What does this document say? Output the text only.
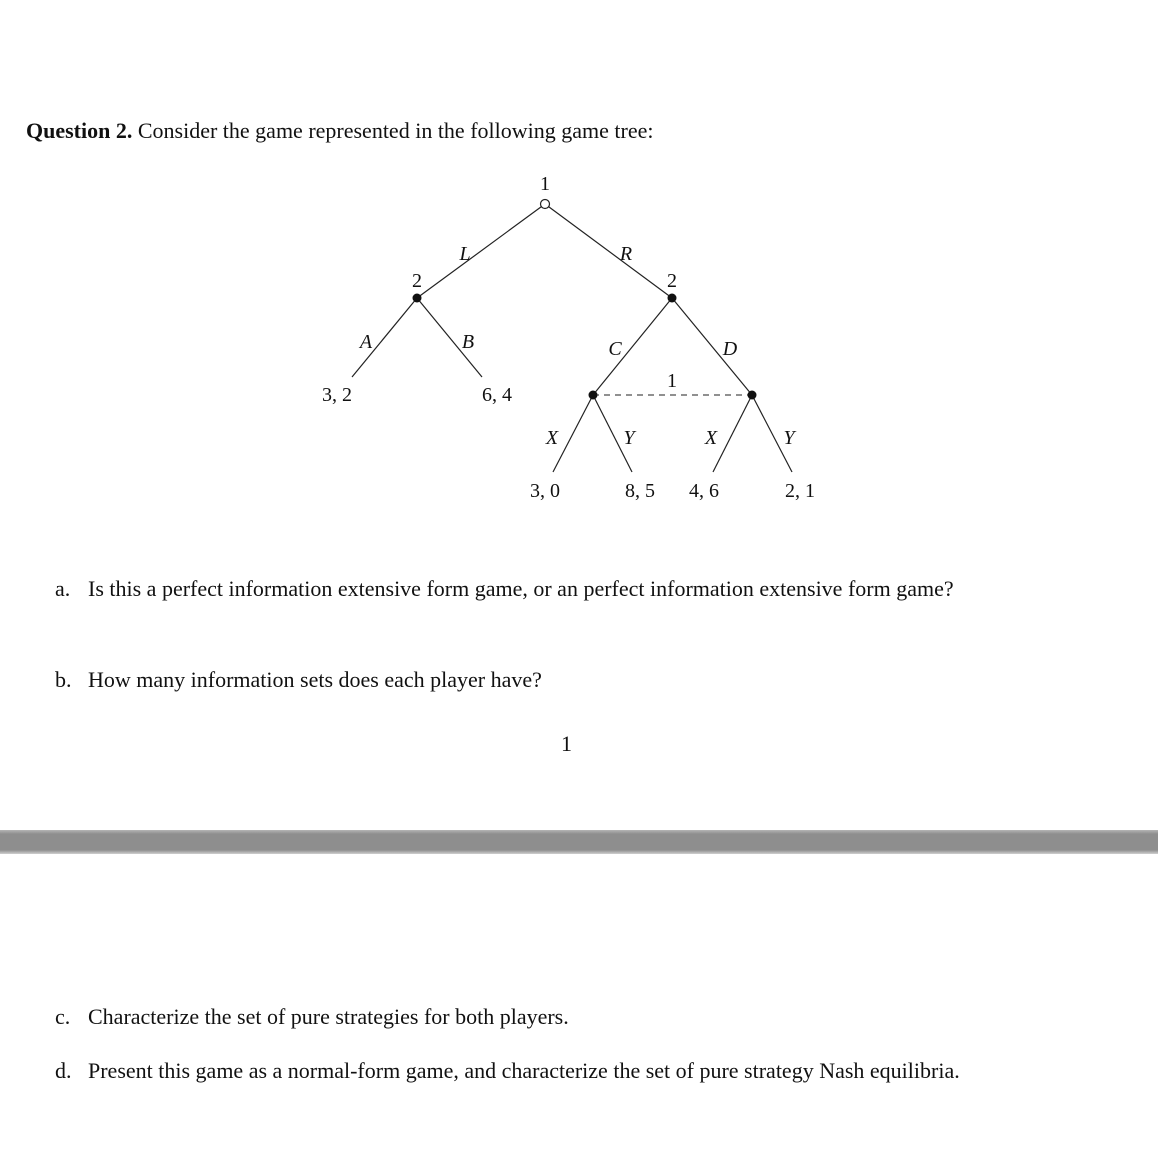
Question 2. Consider the game represented in the following game tree:
1
2	2
1
L	R
A	B	C	D
X	Y	X	Y
3, 2	6, 4
3, 0	8, 5 4, 6	2, 1
a. Is this a perfect information extensive form game, or an perfect information extensive form game?
b. How many information sets does each player have?
1
c. Characterize the set of pure strategies for both players.
d. Present this game as a normal-form game, and characterize the set of pure strategy Nash equilibria.
